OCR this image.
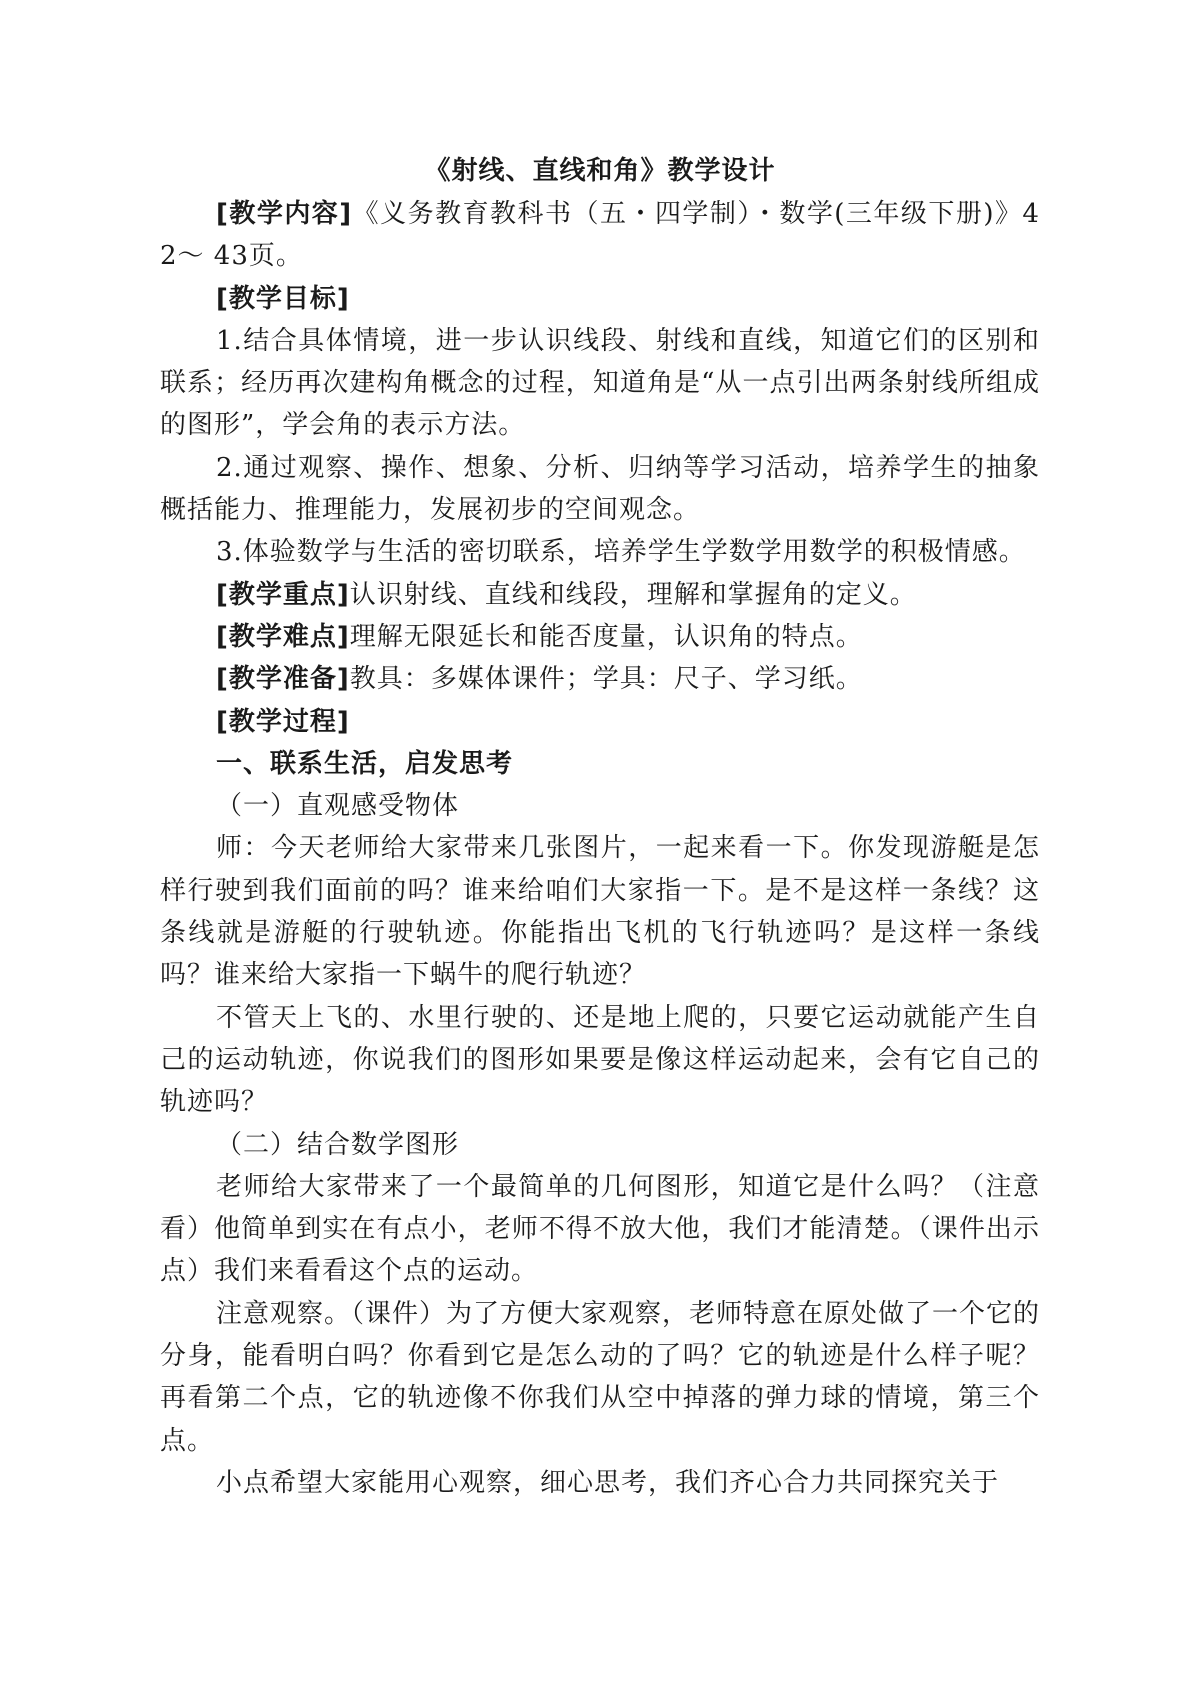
《射线、直线和角》教学设计

[教学内容]《义务教育教科书（五・四学制）・数学(三年级下册)》42～ 43页。

[教学目标]

1.结合具体情境，进一步认识线段、射线和直线，知道它们的区别和联系；经历再次建构角概念的过程，知道角是“从一点引出两条射线所组成的图形”，学会角的表示方法。

2.通过观察、操作、想象、分析、归纳等学习活动，培养学生的抽象概括能力、推理能力，发展初步的空间观念。

3.体验数学与生活的密切联系，培养学生学数学用数学的积极情感。

[教学重点]认识射线、直线和线段，理解和掌握角的定义。

[教学难点]理解无限延长和能否度量，认识角的特点。

[教学准备]教具：多媒体课件；学具：尺子、学习纸。

[教学过程]

一、联系生活，启发思考

（一）直观感受物体

师：今天老师给大家带来几张图片，一起来看一下。你发现游艇是怎样行驶到我们面前的吗？谁来给咱们大家指一下。是不是这样一条线？这条线就是游艇的行驶轨迹。你能指出飞机的飞行轨迹吗？是这样一条线吗？谁来给大家指一下蜗牛的爬行轨迹？

不管天上飞的、水里行驶的、还是地上爬的，只要它运动就能产生自己的运动轨迹，你说我们的图形如果要是像这样运动起来，会有它自己的轨迹吗？

（二）结合数学图形

老师给大家带来了一个最简单的几何图形，知道它是什么吗？（注意看）他简单到实在有点小，老师不得不放大他，我们才能清楚。（课件出示点）我们来看看这个点的运动。

注意观察。（课件）为了方便大家观察，老师特意在原处做了一个它的分身，能看明白吗？你看到它是怎么动的了吗？它的轨迹是什么样子呢？再看第二个点，它的轨迹像不你我们从空中掉落的弹力球的情境，第三个点。

小点希望大家能用心观察，细心思考，我们齐心合力共同探究关于
